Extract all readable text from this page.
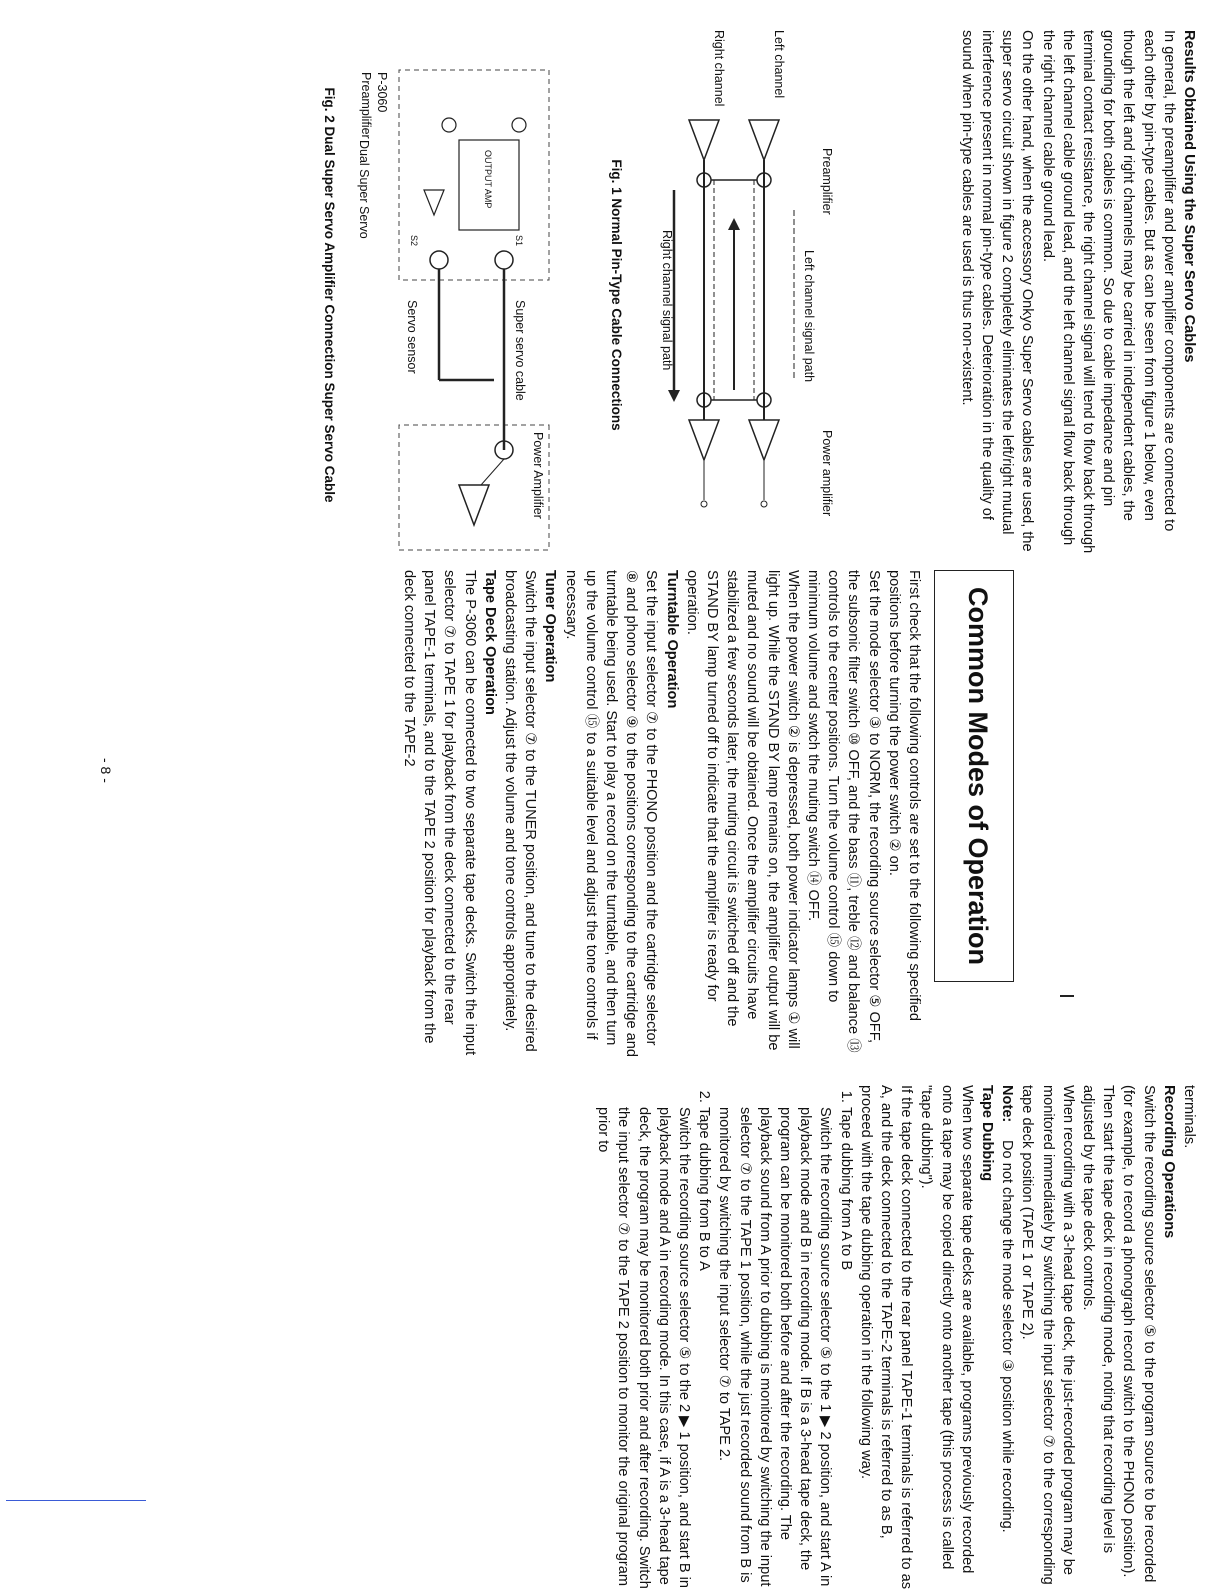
Results Obtained Using the Super Servo Cables

In general, the preamplifier and power amplifier components are connected to each other by pin-type cables. But as can be seen from figure 1 below, even though the left and right channels may be carried in independent cables, the grounding for both cables is common. So due to cable impedance and pin terminal contact resistance, the right channel signal will tend to flow back through the left channel cable ground lead, and the left channel signal flow back through the right channel cable ground lead.

On the other hand, when the accessory Onkyo Super Servo cables are used, the super servo circuit shown in figure 2 completely eliminates the left/right mutual interference present in normal pin-type cables. Deterioration in the quality of sound when pin-type cables are used is thus non-existent.

Preamplifier
Power amplifier
Left channel signal path
Left channel
Right channel
Right channel signal path

Fig. 1 Normal Pin-Type Cable Connections

P-3060
Preamplifier
OUTPUT AMP
S1
S2
Super servo cable
Servo sensor
Dual Super Servo
Power Amplifier

Fig. 2 Dual Super Servo Amplifier Connection Super Servo Cable

Common Modes of Operation

First check that the following controls are set to the following specified positions before turning the power switch ② on.

Set the mode selector ③ to NORM, the recording source selector ⑤ OFF, the subsonic filter switch ⑩ OFF, and the bass ⑪, treble ⑫ and balance ⑬ controls to the center positions. Turn the volume control ⑮ down to minimum volume and swtch the muting switch ⑭ OFF.

When the power switch ② is depressed, both power indicator lamps ① will light up. While the STAND BY lamp remains on, the amplifier output will be muted and no sound will be obtained. Once the amplifier circuits have stabilized a few seconds later, the muting circuit is switched off and the STAND BY lamp turned off to indicate that the amplifier is ready for operation.

Turntable Operation

Set the input selector ⑦ to the PHONO position and the cartridge selector ⑧ and phono selector ⑨ to the positions corresponding to the cartridge and turntable being used. Start to play a record on the turntable, and then turn up the volume control ⑮ to a suitable level and adjust the tone controls if necessary.

Tuner Operation

Switch the input selector ⑦ to the TUNER position, and tune to the desired broadcasting station. Adjust the volume and tone controls appropriately.

Tape Deck Operation

The P-3060 can be connected to two separate tape decks. Switch the input selector ⑦ to TAPE 1 for playback from the deck connected to the rear panel TAPE-1 terminals, and to the TAPE 2 position for playback from the deck connected to the TAPE-2

- 8 -

terminals.

Recording Operations

Switch the recording source selector ⑤ to the program source to be recorded (for example, to record a phonograph record switch to the PHONO position). Then start the tape deck in recording mode, noting that recording level is adjusted by the tape deck controls.

When recording with a 3-head tape deck, the just-recorded program may be monitored immediately by switching the input selector ⑦ to the corresponding tape deck position (TAPE 1 or TAPE 2).

Note:
Do not change the mode selector ③ position while recording.

Tape Dubbing

When two separate tape decks are available, programs previously recorded onto a tape may be copied directly onto another tape (this process is called "tape dubbing").

If the tape deck connected to the rear panel TAPE-1 terminals is referred to as A, and the deck connected to the TAPE-2 terminals is referred to as B, proceed with the tape dubbing operation in the following way.

1. Tape dubbing from A to B
Switch the recording source selector ⑤ to the 1 ▶ 2 position, and start A in playback mode and B in recording mode. If B is a 3-head tape deck, the program can be monitored both before and after the recording. The playback sound from A prior to dubbing is monitored by switching the input selector ⑦ to the TAPE 1 position, while the just recorded sound from B is monitored by switching the input selector ⑦ to TAPE 2.
2. Tape dubbing from B to A
Switch the recording source selector ⑤ to the 2 ▶ 1 position, and start B in playback mode and A in recording mode. In this case, if A is a 3-head tape deck, the program may be monitored both prior and after recording. Switch the input selector ⑦ to the TAPE 2 position to monitor the original program prior to
